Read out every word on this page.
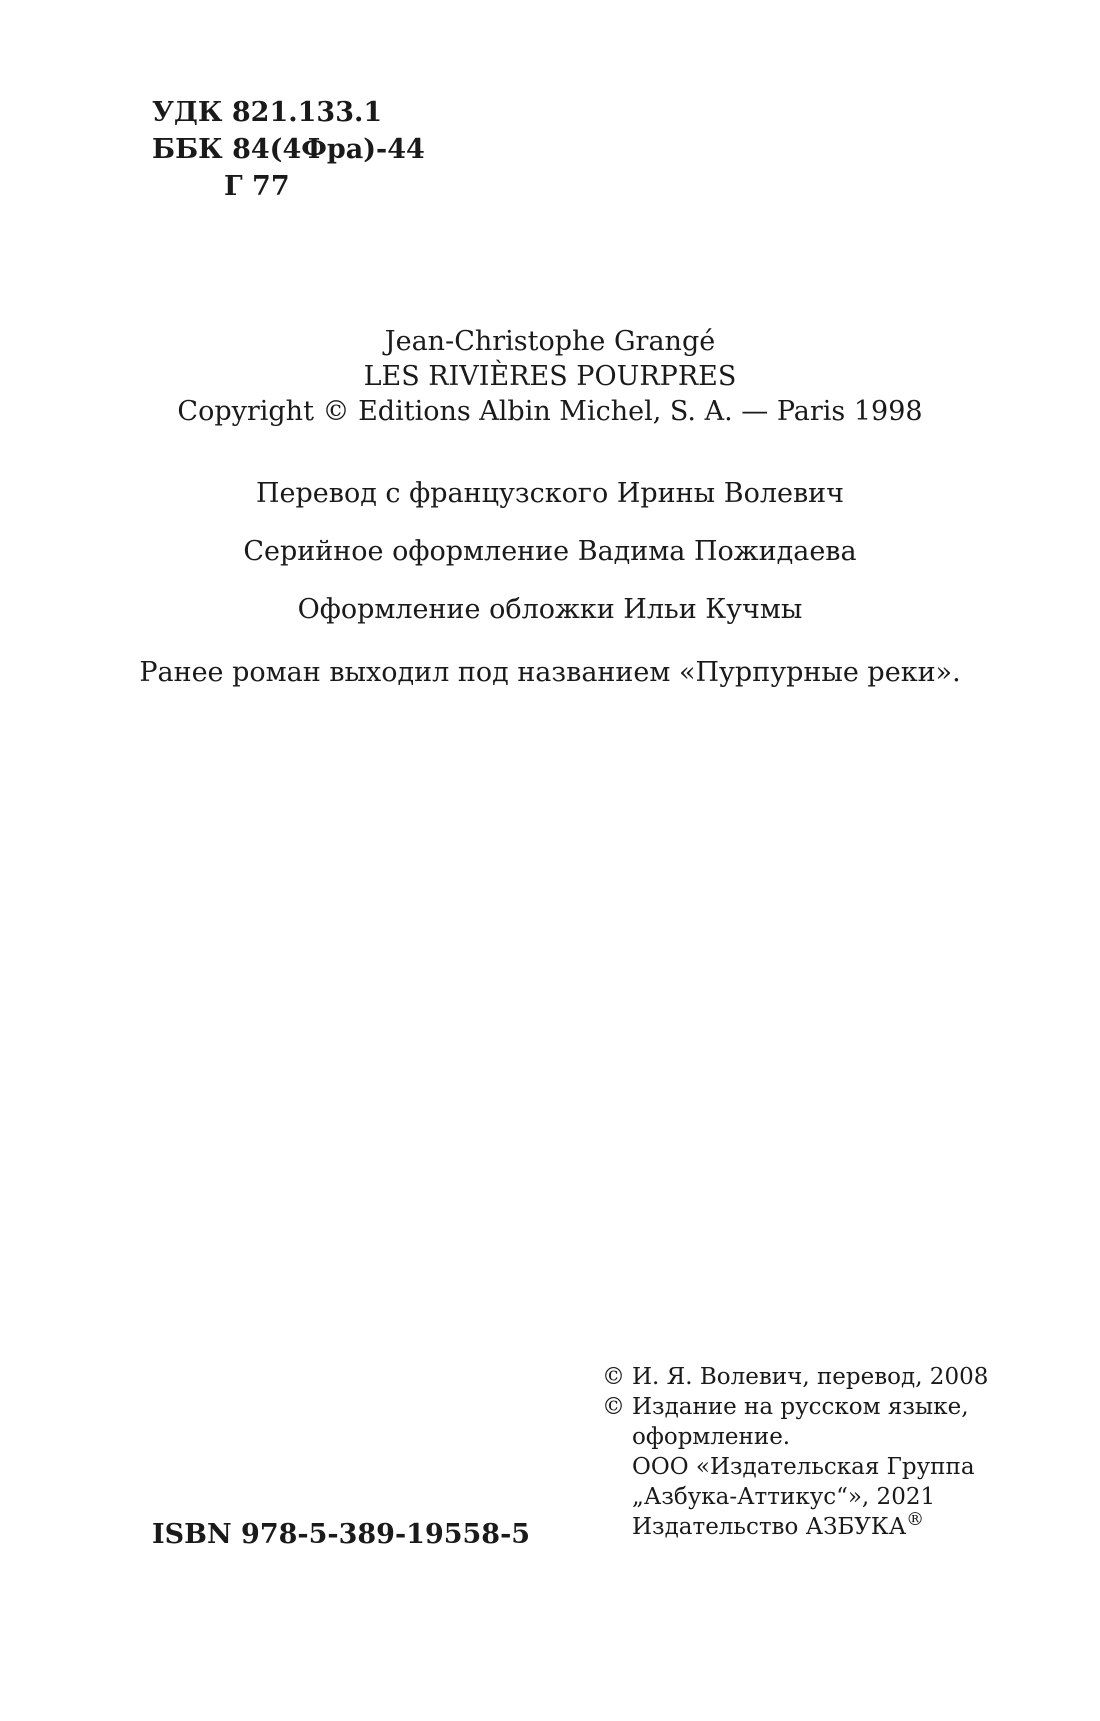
УДК 821.133.1
ББК 84(4Фра)-44
Г 77
Jean-Christophe Grangé
LES RIVIÈRES POURPRES
Copyright © Editions Albin Michel, S. A. — Paris 1998
Перевод с французского Ирины Волевич
Серийное оформление Вадима Пожидаева
Оформление обложки Ильи Кучмы
Ранее роман выходил под названием «Пурпурные реки».
© И. Я. Волевич, перевод, 2008
© Издание на русском языке,
оформление.
ООО «Издательская Группа
„Азбука-Аттикус“», 2021
Издательство АЗБУКА®
ISBN 978-5-389-19558-5
